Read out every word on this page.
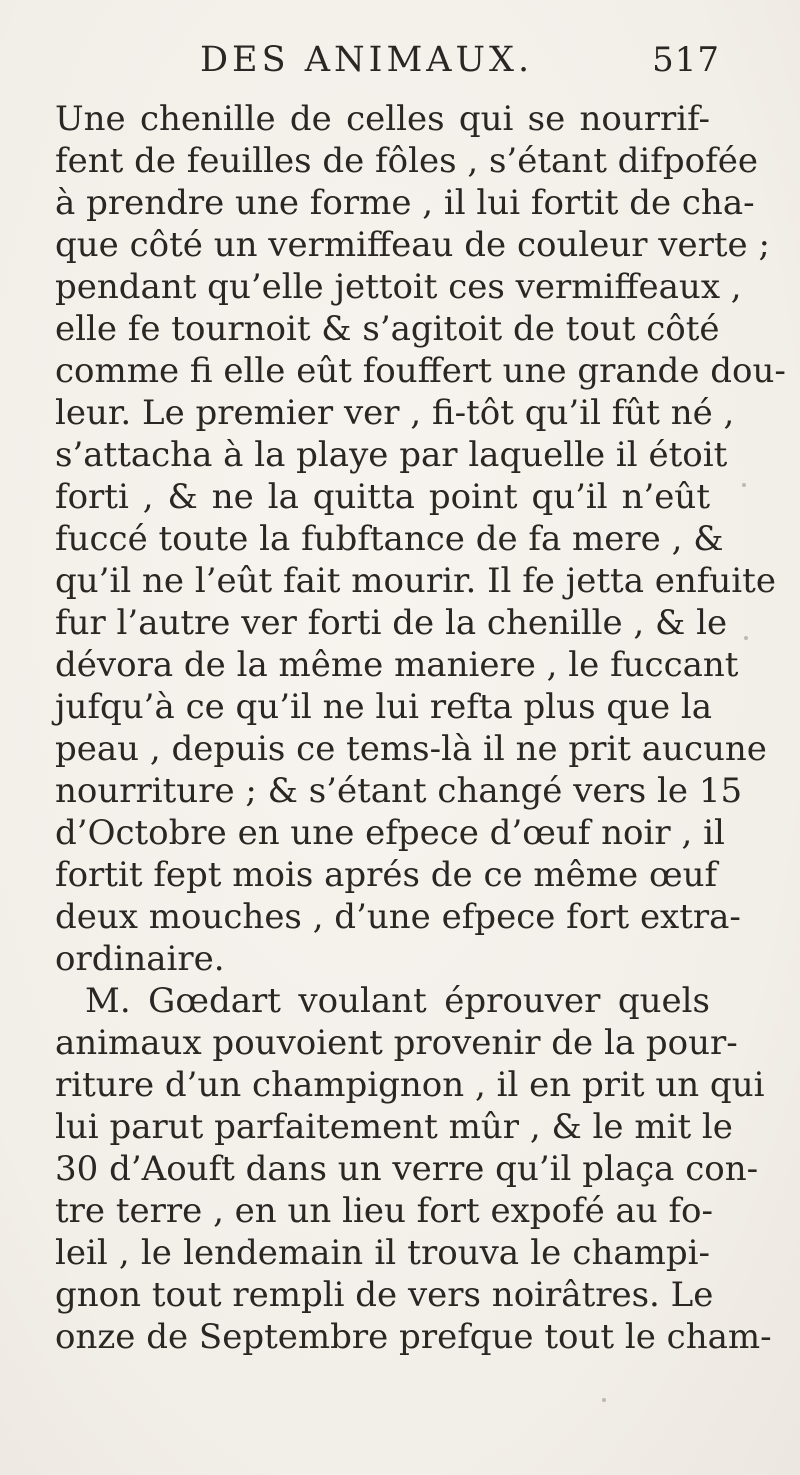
DES ANIMAUX.	517
Une chenille de celles qui se nourrif-
fent de feuilles de fôles , s’étant difpofée
à prendre une forme , il lui fortit de cha-
que côté un vermiffeau de couleur verte ;
pendant qu’elle jettoit ces vermiffeaux ,
elle fe tournoit & s’agitoit de tout côté
comme fi elle eût fouffert une grande dou-
leur. Le premier ver , fi-tôt qu’il fût né ,
s’attacha à la playe par laquelle il étoit
forti , & ne la quitta point qu’il n’eût
fuccé toute la fubftance de fa mere , &
qu’il ne l’eût fait mourir. Il fe jetta enfuite
fur l’autre ver forti de la chenille , & le
dévora de la même maniere , le fuccant
jufqu’à ce qu’il ne lui refta plus que la
peau , depuis ce tems-là il ne prit aucune
nourriture ; & s’étant changé vers le 15
d’Octobre en une efpece d’œuf noir , il
fortit fept mois aprés de ce même œuf
deux mouches , d’une efpece fort extra-
ordinaire.
M. Gœdart voulant éprouver quels
animaux pouvoient provenir de la pour-
riture d’un champignon , il en prit un qui
lui parut parfaitement mûr , & le mit le
30 d’Aouft dans un verre qu’il plaça con-
tre terre , en un lieu fort expofé au fo-
leil , le lendemain il trouva le champi-
gnon tout rempli de vers noirâtres. Le
onze de Septembre prefque tout le cham-
